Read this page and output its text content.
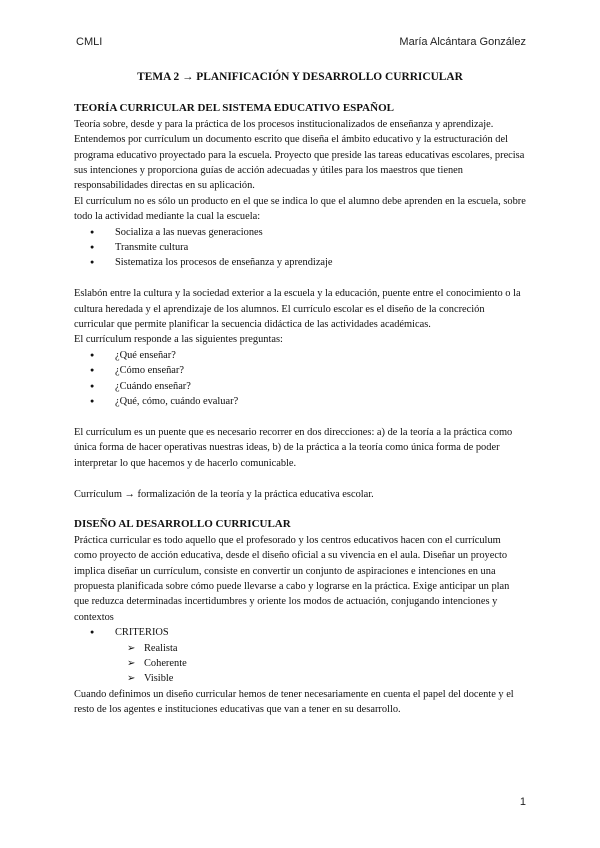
CMLI	María Alcántara González
TEMA 2 → PLANIFICACIÓN Y DESARROLLO CURRICULAR
TEORÍA CURRICULAR DEL SISTEMA EDUCATIVO ESPAÑOL

Teoría sobre, desde y para la práctica de los procesos institucionalizados de enseñanza y aprendizaje. Entendemos por currículum un documento escrito que diseña el ámbito educativo y la estructuración del programa educativo proyectado para la escuela. Proyecto que preside las tareas educativas escolares, precisa sus intenciones y proporciona guías de acción adecuadas y útiles para los maestros que tienen responsabilidades directas en su aplicación.

El currículum no es sólo un producto en el que se indica lo que el alumno debe aprenden en la escuela, sobre todo la actividad mediante la cual la escuela:

● Socializa a las nuevas generaciones
● Transmite cultura
● Sistematiza los procesos de enseñanza y aprendizaje

Eslabón entre la cultura y la sociedad exterior a la escuela y la educación, puente entre el conocimiento o la cultura heredada y el aprendizaje de los alumnos. El currículo escolar es el diseño de la concreción curricular que permite planificar la secuencia didáctica de las actividades académicas.

El currículum responde a las siguientes preguntas:

● ¿Qué enseñar?
● ¿Cómo enseñar?
● ¿Cuándo enseñar?
● ¿Qué, cómo, cuándo evaluar?

El currículum es un puente que es necesario recorrer en dos direcciones: a) de la teoría a la práctica como única forma de hacer operativas nuestras ideas, b) de la práctica a la teoría como única forma de poder interpretar lo que hacemos y de hacerlo comunicable.

Currículum → formalización de la teoría y la práctica educativa escolar.

DISEÑO AL DESARROLLO CURRICULAR

Práctica curricular es todo aquello que el profesorado y los centros educativos hacen con el currículum como proyecto de acción educativa, desde el diseño oficial a su vivencia en el aula. Diseñar un proyecto implica diseñar un currículum, consiste en convertir un conjunto de aspiraciones e intenciones en una propuesta planificada sobre cómo puede llevarse a cabo y lograrse en la práctica. Exige anticipar un plan que reduzca determinadas incertidumbres y oriente los modos de actuación, conjugando intenciones y contextos

● CRITERIOS
➢ Realista
➢ Coherente
➢ Visible

Cuando definimos un diseño curricular hemos de tener necesariamente en cuenta el papel del docente y el resto de los agentes e instituciones educativas que van a tener en su desarrollo.

1
